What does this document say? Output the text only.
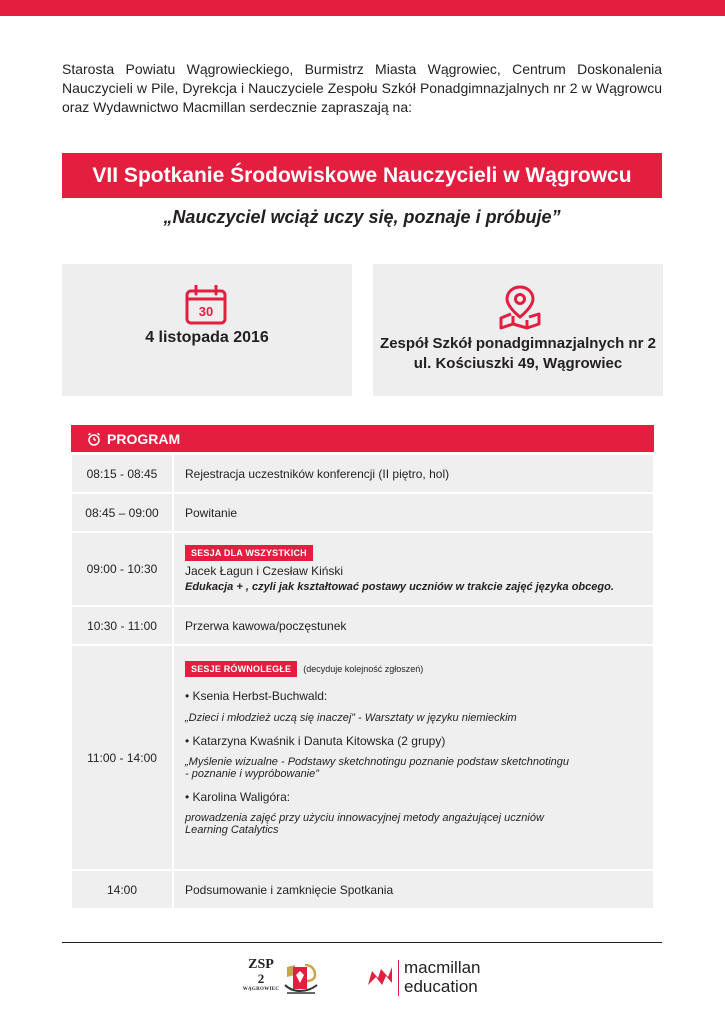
Starosta Powiatu Wągrowieckiego, Burmistrz Miasta Wągrowiec, Centrum Doskonalenia Nauczycieli w Pile, Dyrekcja i Nauczyciele Zespołu Szkół Ponadgimnazjalnych nr 2 w Wągrowcu oraz Wydawnictwo Macmillan serdecznie zapraszają na:

VII Spotkanie Środowiskowe Nauczycieli w Wągrowcu
„Nauczyciel wciąż uczy się, poznaje i próbuje”
30
4 listopada 2016	Zespół Szkół ponadgimnazjalnych nr 2
ul. Kościuszki 49, Wągrowiec
PROGRAM
08:15 - 08:45	Rejestracja uczestników konferencji (II piętro, hol)
08:45 – 09:00	Powitanie
09:00 - 10:30
SESJA DLA WSZYSTKICH
Jacek Łagun i Czesław Kiński
Edukacja + , czyli jak kształtować postawy uczniów w trakcie zajęć języka obcego.
10:30 - 11:00	Przerwa kawowa/poczęstunek
11:00 - 14:00
SESJE RÓWNOLEGŁE	(decyduje kolejność zgłoszeń)
• Ksenia Herbst-Buchwald:
„Dzieci i młodzież uczą się inaczej” - Warsztaty w języku niemieckim
• Katarzyna Kwaśnik i Danuta Kitowska (2 grupy)
„Myślenie wizualne - Podstawy sketchnotingu poznanie podstaw sketchnotingu
- poznanie i wypróbowanie”
• Karolina Waligóra:
prowadzenia zajęć przy użyciu innowacyjnej metody angażującej uczniów
Learning Catalytics
14:00	Podsumowanie i zamknięcie Spotkania
ZSP
2
WĄGROWIEC
macmillan
education
